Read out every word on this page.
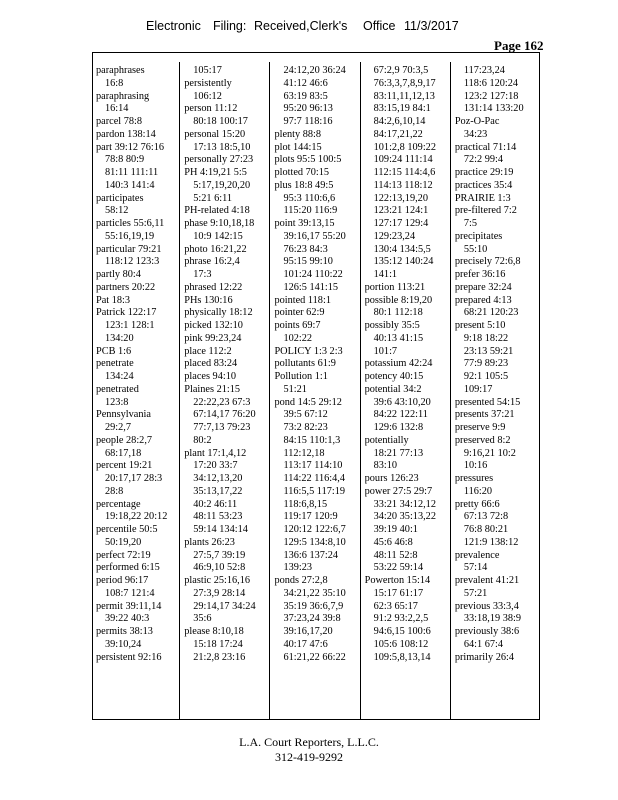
Electronic Filing: Received,Clerk's Office 11/3/2017
Page 162
paraphrases
16:8
paraphrasing
16:14
parcel 78:8
pardon 138:14
part 39:12 76:16
78:8 80:9
81:11 111:11
140:3 141:4
participates
58:12
particles 55:6,11
55:16,19,19
particular 79:21
118:12 123:3
partly 80:4
partners 20:22
Pat 18:3
Patrick 122:17
123:1 128:1
134:20
PCB 1:6
penetrate
134:24
penetrated
123:8
Pennsylvania
29:2,7
people 28:2,7
68:17,18
percent 19:21
20:17,17 28:3
28:8
percentage
19:18,22 20:12
percentile 50:5
50:19,20
perfect 72:19
performed 6:15
period 96:17
108:7 121:4
permit 39:11,14
39:22 40:3
permits 38:13
39:10,24
persistent 92:16
105:17
persistently
106:12
person 11:12
80:18 100:17
personal 15:20
17:13 18:5,10
personally 27:23
PH 4:19,21 5:5
5:17,19,20,20
5:21 6:11
PH-related 4:18
phase 9:10,18,18
10:9 142:15
photo 16:21,22
phrase 16:2,4
17:3
phrased 12:22
PHs 130:16
physically 18:12
picked 132:10
pink 99:23,24
place 112:2
placed 83:24
places 94:10
Plaines 21:15
22:22,23 67:3
67:14,17 76:20
77:7,13 79:23
80:2
plant 17:1,4,12
17:20 33:7
34:12,13,20
35:13,17,22
40:2 46:11
48:11 53:23
59:14 134:14
plants 26:23
27:5,7 39:19
46:9,10 52:8
plastic 25:16,16
27:3,9 28:14
29:14,17 34:24
35:6
please 8:10,18
15:18 17:24
21:2,8 23:16
24:12,20 36:24
41:12 46:6
63:19 83:5
95:20 96:13
97:7 118:16
plenty 88:8
plot 144:15
plots 95:5 100:5
plotted 70:15
plus 18:8 49:5
95:3 110:6,6
115:20 116:9
point 39:13,15
39:16,17 55:20
76:23 84:3
95:15 99:10
101:24 110:22
126:5 141:15
pointed 118:1
pointer 62:9
points 69:7
102:22
POLICY 1:3 2:3
pollutants 61:9
Pollution 1:1
51:21
pond 14:5 29:12
39:5 67:12
73:2 82:23
84:15 110:1,3
112:12,18
113:17 114:10
114:22 116:4,4
116:5,5 117:19
118:6,8,15
119:17 120:9
120:12 122:6,7
129:5 134:8,10
136:6 137:24
139:23
ponds 27:2,8
34:21,22 35:10
35:19 36:6,7,9
37:23,24 39:8
39:16,17,20
40:17 47:6
61:21,22 66:22
67:2,9 70:3,5
76:3,3,7,8,9,17
83:11,11,12,13
83:15,19 84:1
84:2,6,10,14
84:17,21,22
101:2,8 109:22
109:24 111:14
112:15 114:4,6
114:13 118:12
122:13,19,20
123:21 124:1
127:17 129:4
129:23,24
130:4 134:5,5
135:12 140:24
141:1
portion 113:21
possible 8:19,20
80:1 112:18
possibly 35:5
40:13 41:15
101:7
potassium 42:24
potency 40:15
potential 34:2
39:6 43:10,20
84:22 122:11
129:6 132:8
potentially
18:21 77:13
83:10
pours 126:23
power 27:5 29:7
33:21 34:12,12
34:20 35:13,22
39:19 40:1
45:6 46:8
48:11 52:8
53:22 59:14
Powerton 15:14
15:17 61:17
62:3 65:17
91:2 93:2,2,5
94:6,15 100:6
105:6 108:12
109:5,8,13,14
117:23,24
118:6 120:24
123:2 127:18
131:14 133:20
Poz-O-Pac
34:23
practical 71:14
72:2 99:4
practice 29:19
practices 35:4
PRAIRIE 1:3
pre-filtered 7:2
7:5
precipitates
55:10
precisely 72:6,8
prefer 36:16
prepare 32:24
prepared 4:13
68:21 120:23
present 5:10
9:18 18:22
23:13 59:21
77:9 89:23
92:1 105:5
109:17
presented 54:15
presents 37:21
preserve 9:9
preserved 8:2
9:16,21 10:2
10:16
pressures
116:20
pretty 66:6
67:13 72:8
76:8 80:21
121:9 138:12
prevalence
57:14
prevalent 41:21
57:21
previous 33:3,4
33:18,19 38:9
previously 38:6
64:1 67:4
primarily 26:4
L.A. Court Reporters, L.L.C.
312-419-9292
